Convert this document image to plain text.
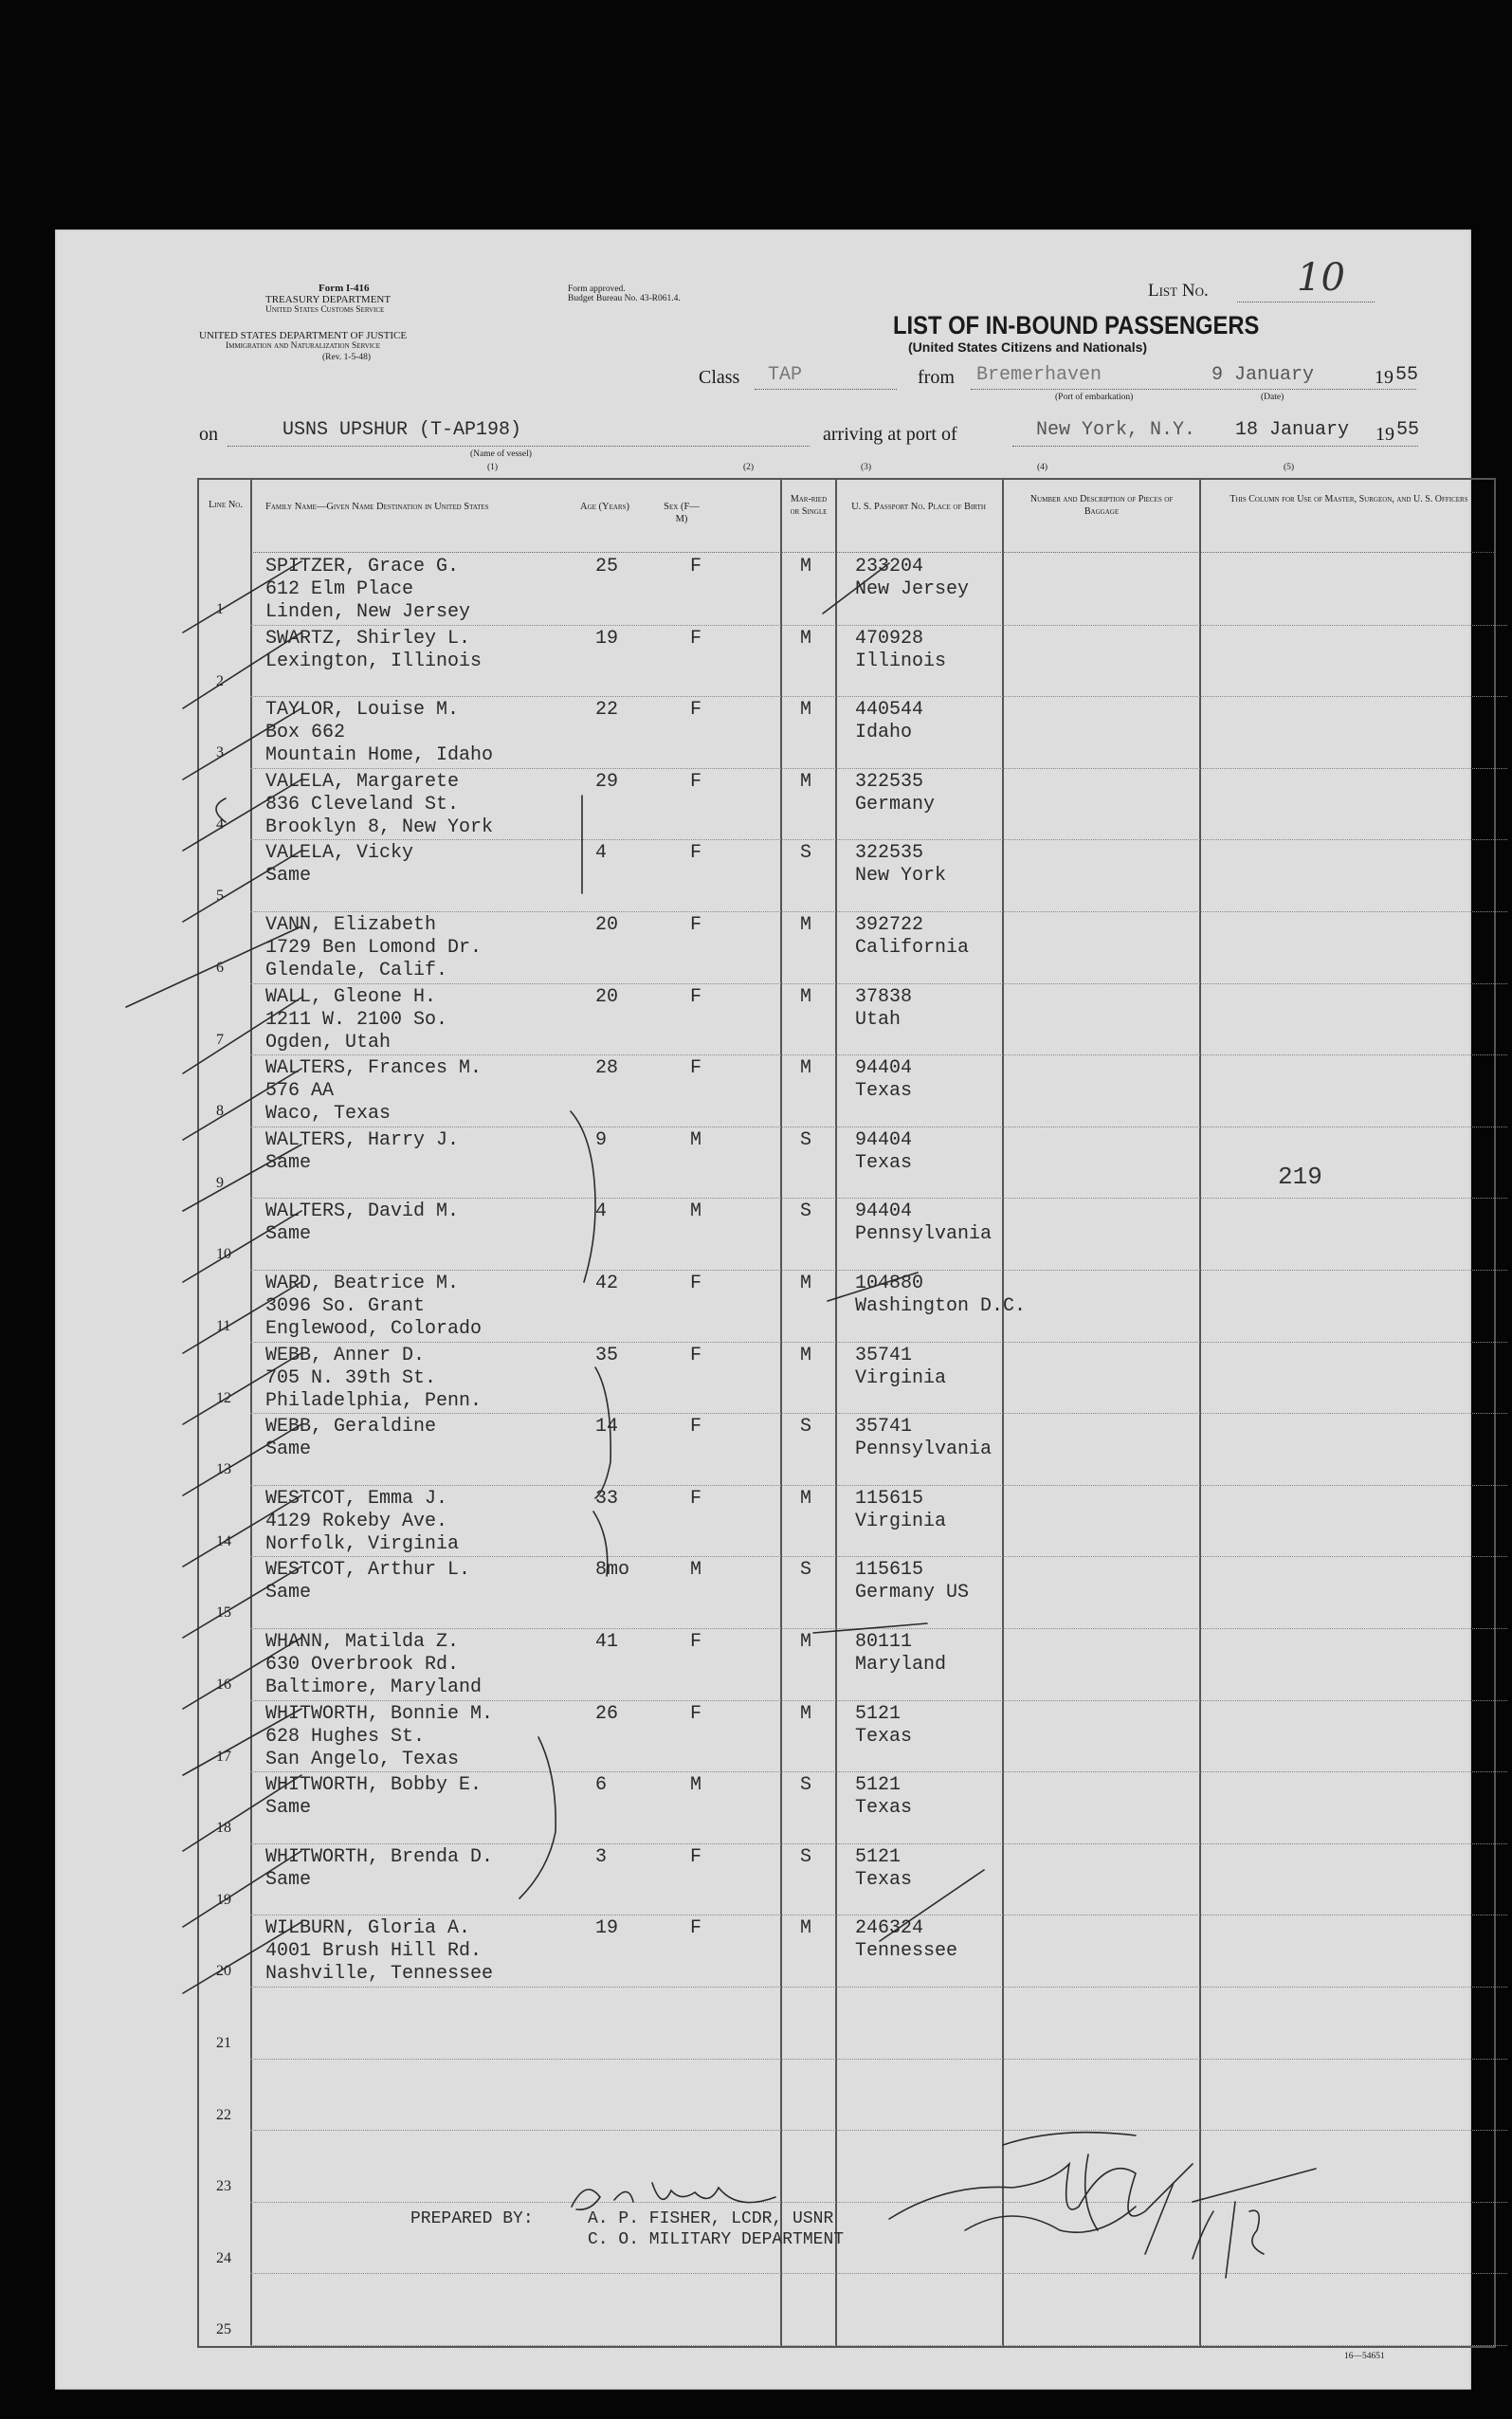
Form I-416
TREASURY DEPARTMENT
United States Customs Service
UNITED STATES DEPARTMENT OF JUSTICE
Immigration and Naturalization Service
(Rev. 1-5-48)
Form approved.
Budget Bureau No. 43-R061.4.	List No. 10
LIST OF IN-BOUND PASSENGERS
(United States Citizens and Nationals)
Class TAP	from Bremerhaven	9 January	19 55
(Port of embarkation)	(Date)
on	USNS UPSHUR (T-AP198)	arriving at port of	New York, N.Y. 18 January 19 55
(Name of vessel)
(1)	(2)	(3)	(4)	(5)
Line No.	Family Name—Given Name Destination in United States	Age (Years)	Sex (F—M)
Mar-ried or Single	U. S. Passport No. Place of Birth
Number and Description of Pieces of Baggage
This Column for Use of Master, Surgeon, and U. S. Officers
1
SPITZER, Grace G.
612 Elm Place
Linden, New Jersey
25	F	M 233204
New Jersey
2
SWARTZ, Shirley L.
Lexington, Illinois
19	F	M 470928
Illinois
3
TAYLOR, Louise M.
Box 662
Mountain Home, Idaho
22	F	M 440544
Idaho
4
VALELA, Margarete
836 Cleveland St.
Brooklyn 8, New York
29	F	M 322535
Germany
5
VALELA, Vicky
Same
4	F	S 322535
New York
6
VANN, Elizabeth
1729 Ben Lomond Dr.
Glendale, Calif.
20	F	M 392722
California
7
WALL, Gleone H.
1211 W. 2100 So.
Ogden, Utah
20	F	M 37838
Utah
8
WALTERS, Frances M.
576 AA
Waco, Texas
28	F	M 94404
Texas
9
WALTERS, Harry J.
Same
9	M	S 94404
Texas
10
WALTERS, David M.
Same
4	M	S 94404
Pennsylvania
11
WARD, Beatrice M.
3096 So. Grant
Englewood, Colorado
42	F	M 104880
Washington D.C.
12
WEBB, Anner D.
705 N. 39th St.
Philadelphia, Penn.
35	F	M 35741
Virginia
13
WEBB, Geraldine
Same
14	F	S 35741
Pennsylvania
14
WESTCOT, Emma J.
4129 Rokeby Ave.
Norfolk, Virginia
33	F	M 115615
Virginia
15
WESTCOT, Arthur L.
Same
8mo	M	S 115615
Germany US
16
WHANN, Matilda Z.
630 Overbrook Rd.
Baltimore, Maryland
41	F	M 80111
Maryland
17
WHITWORTH, Bonnie M.
628 Hughes St.
San Angelo, Texas
26	F	M 5121
Texas
18
WHITWORTH, Bobby E.
Same
6	M	S 5121
Texas
19
WHITWORTH, Brenda D.
Same
3	F	S 5121
Texas
20
WILBURN, Gloria A.
4001 Brush Hill Rd.
Nashville, Tennessee
19	F	M 246324
Tennessee
21
22
23
24
25
219
PREPARED BY:	A. P. FISHER, LCDR, USNR
C. O. MILITARY DEPARTMENT
16—54651
